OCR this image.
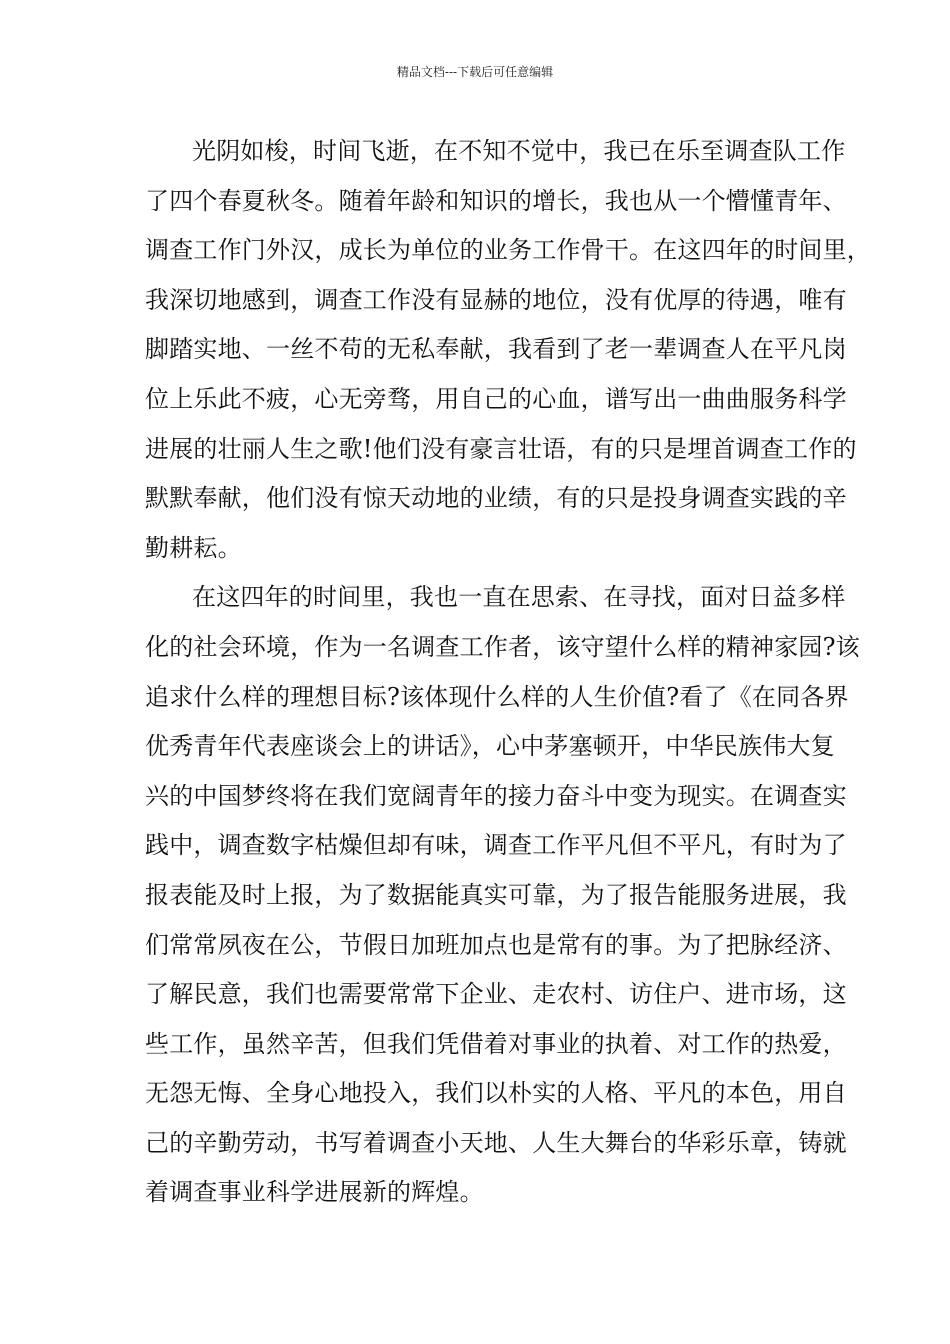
精品文档---下载后可任意编辑
光阴如梭，时间飞逝，在不知不觉中，我已在乐至调查队工作
了四个春夏秋冬。随着年龄和知识的增长，我也从一个懵懂青年、
调查工作门外汉，成长为单位的业务工作骨干。在这四年的时间里，
我深切地感到，调查工作没有显赫的地位，没有优厚的待遇，唯有
脚踏实地、一丝不苟的无私奉献，我看到了老一辈调查人在平凡岗
位上乐此不疲，心无旁骛，用自己的心血，谱写出一曲曲服务科学
进展的壮丽人生之歌!他们没有豪言壮语，有的只是埋首调查工作的
默默奉献，他们没有惊天动地的业绩，有的只是投身调查实践的辛
勤耕耘。
在这四年的时间里，我也一直在思索、在寻找，面对日益多样
化的社会环境，作为一名调查工作者，该守望什么样的精神家园?该
追求什么样的理想目标?该体现什么样的人生价值?看了《在同各界
优秀青年代表座谈会上的讲话》，心中茅塞顿开，中华民族伟大复
兴的中国梦终将在我们宽阔青年的接力奋斗中变为现实。在调查实
践中，调查数字枯燥但却有味，调查工作平凡但不平凡，有时为了
报表能及时上报，为了数据能真实可靠，为了报告能服务进展，我
们常常夙夜在公，节假日加班加点也是常有的事。为了把脉经济、
了解民意，我们也需要常常下企业、走农村、访住户、进市场，这
些工作，虽然辛苦，但我们凭借着对事业的执着、对工作的热爱，
无怨无悔、全身心地投入，我们以朴实的人格、平凡的本色，用自
己的辛勤劳动，书写着调查小天地、人生大舞台的华彩乐章，铸就
着调查事业科学进展新的辉煌。
